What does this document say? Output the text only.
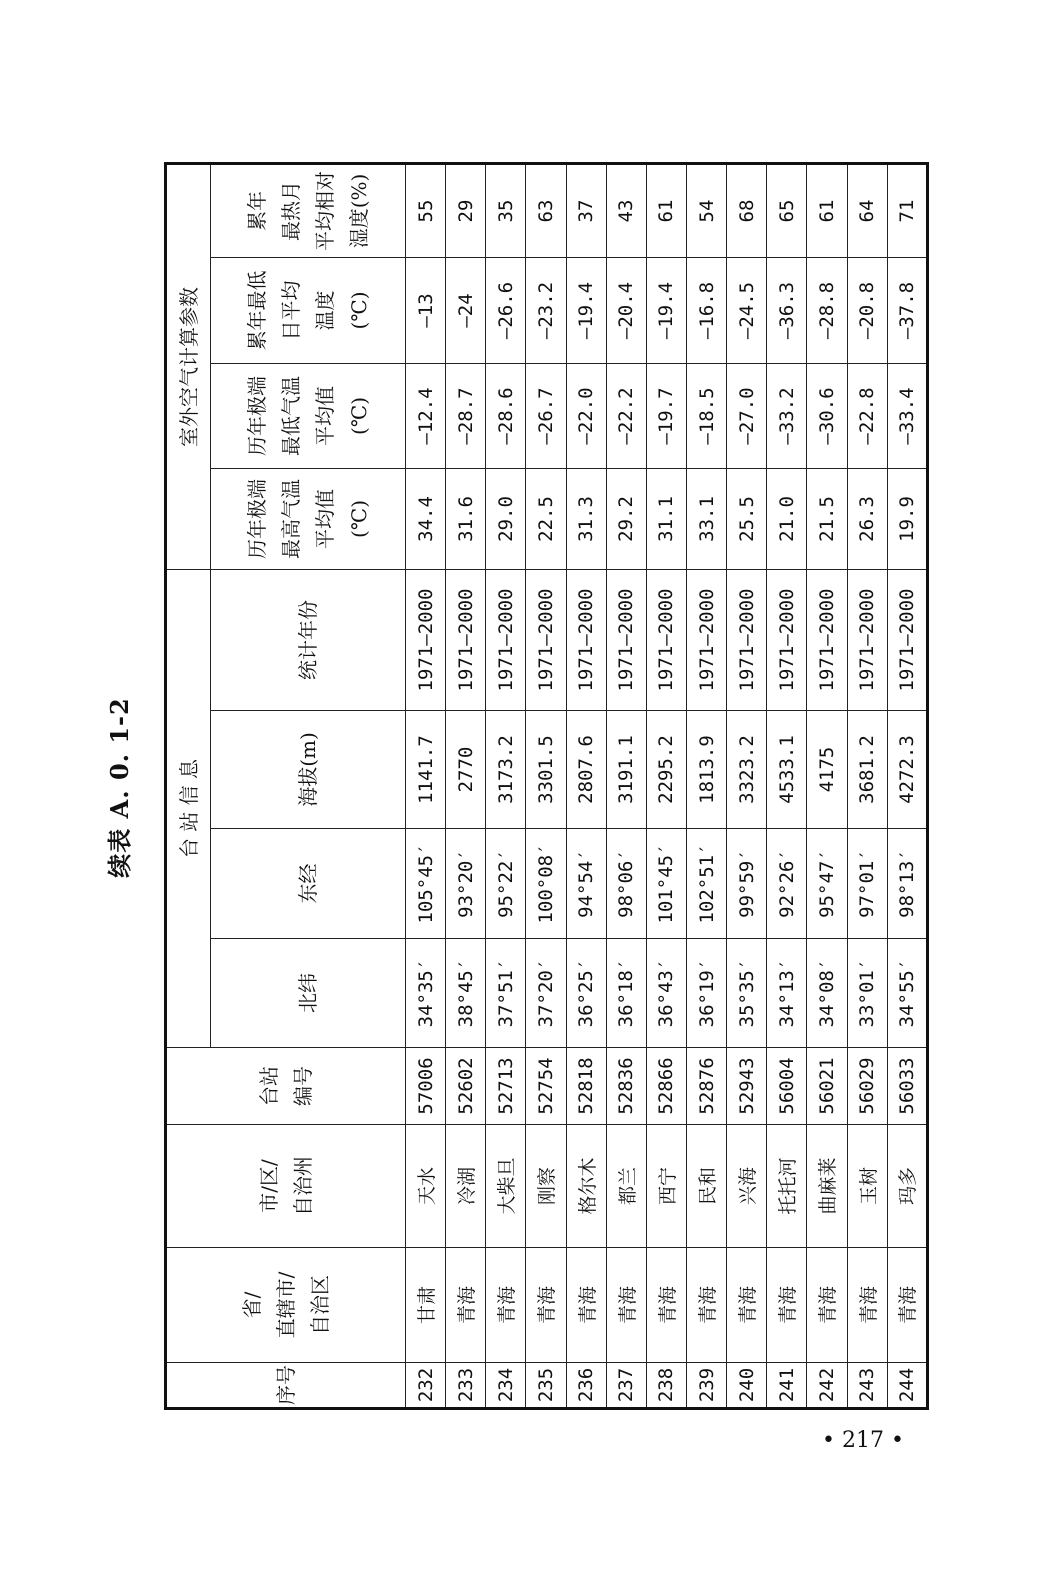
续表 A. 0. 1-2
序号	省/
直辖市/
自治区	市/区/
自治州	台站
编号	台 站 信 息				室外空气计算参数			
				北纬	东经	海拔(m)	统计年份	历年极端
最高气温
平均值
(℃)	历年极端
最低气温
平均值
(℃)	累年最低
日平均
温度
(℃)	累年
最热月
平均相对
湿度(%)
232	甘肃	天水	57006	34°35′	105°45′	1141.7	1971—2000	34.4	—12.4	—13	55
233	青海	冷湖	52602	38°45′	93°20′	2770	1971—2000	31.6	—28.7	—24	29
234	青海	大柴旦	52713	37°51′	95°22′	3173.2	1971—2000	29.0	—28.6	—26.6	35
235	青海	刚察	52754	37°20′	100°08′	3301.5	1971—2000	22.5	—26.7	—23.2	63
236	青海	格尔木	52818	36°25′	94°54′	2807.6	1971—2000	31.3	—22.0	—19.4	37
237	青海	都兰	52836	36°18′	98°06′	3191.1	1971—2000	29.2	—22.2	—20.4	43
238	青海	西宁	52866	36°43′	101°45′	2295.2	1971—2000	31.1	—19.7	—19.4	61
239	青海	民和	52876	36°19′	102°51′	1813.9	1971—2000	33.1	—18.5	—16.8	54
240	青海	兴海	52943	35°35′	99°59′	3323.2	1971—2000	25.5	—27.0	—24.5	68
241	青海	托托河	56004	34°13′	92°26′	4533.1	1971—2000	21.0	—33.2	—36.3	65
242	青海	曲麻莱	56021	34°08′	95°47′	4175	1971—2000	21.5	—30.6	—28.8	61
243	青海	玉树	56029	33°01′	97°01′	3681.2	1971—2000	26.3	—22.8	—20.8	64
244	青海	玛多	56033	34°55′	98°13′	4272.3	1971—2000	19.9	—33.4	—37.8	71
• 217 •
